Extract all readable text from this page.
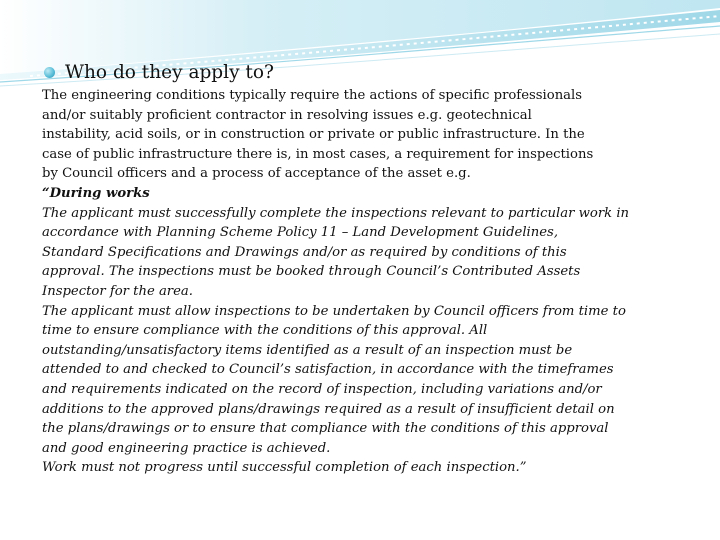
Who do they apply to?

The engineering conditions typically require the actions of specific professionals
and/or suitably proficient contractor in resolving issues e.g. geotechnical
instability, acid soils, or in construction or private or public infrastructure. In the
case of public infrastructure there is, in most cases, a requirement for inspections
by Council officers and a process of acceptance of the asset e.g.

“During works

The applicant must successfully complete the inspections relevant to particular work in
accordance with Planning Scheme Policy 11 – Land Development Guidelines,
Standard Specifications and Drawings and/or as required by conditions of this
approval. The inspections must be booked through Council’s Contributed Assets
Inspector for the area.

The applicant must allow inspections to be undertaken by Council officers from time to
time to ensure compliance with the conditions of this approval. All
outstanding/unsatisfactory items identified as a result of an inspection must be
attended to and checked to Council’s satisfaction, in accordance with the timeframes
and requirements indicated on the record of inspection, including variations and/or
additions to the approved plans/drawings required as a result of insufficient detail on
the plans/drawings or to ensure that compliance with the conditions of this approval
and good engineering practice is achieved.

Work must not progress until successful completion of each inspection.”
